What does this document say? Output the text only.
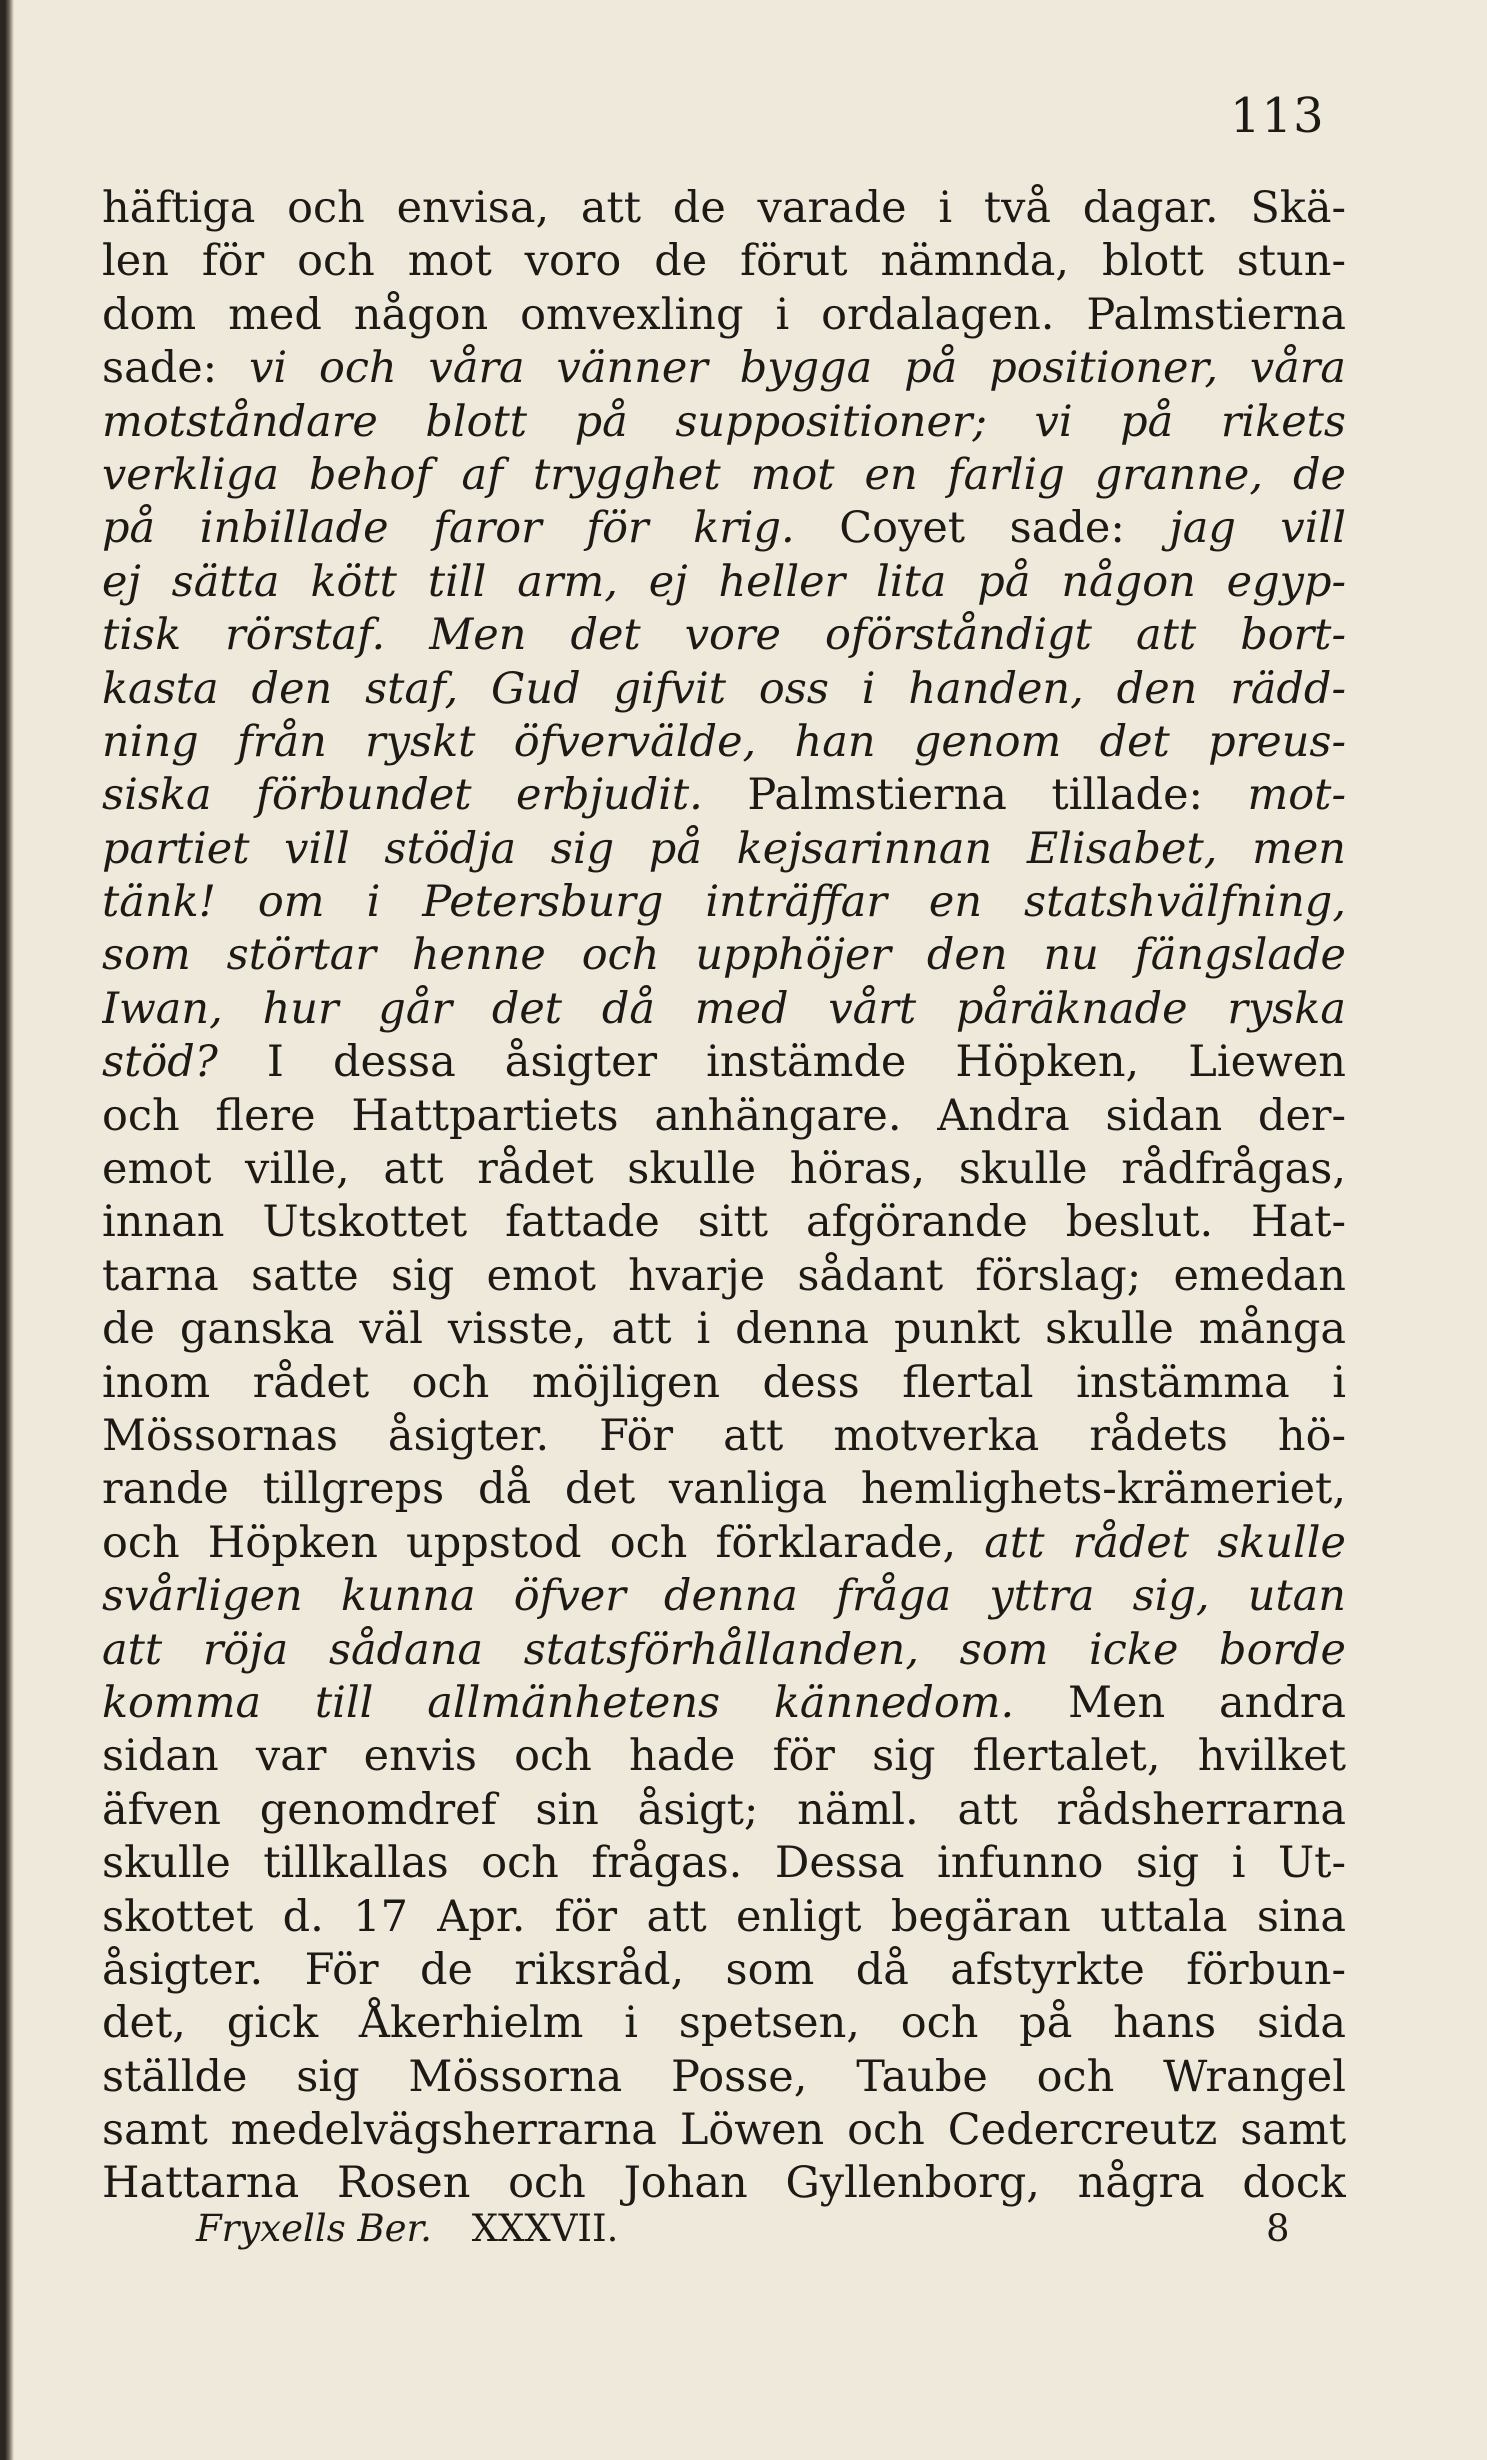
113
häftiga och envisa, att de varade i två dagar. Skä-
len för och mot voro de förut nämnda, blott stun-
dom med någon omvexling i ordalagen. Palmstierna
sade: vi och våra vänner bygga på positioner, våra
motståndare blott på suppositioner; vi på rikets
verkliga behof af trygghet mot en farlig granne, de
på inbillade faror för krig. Coyet sade: jag vill
ej sätta kött till arm, ej heller lita på någon egyp-
tisk rörstaf. Men det vore oförståndigt att bort-
kasta den staf, Gud gifvit oss i handen, den rädd-
ning från ryskt öfvervälde, han genom det preus-
siska förbundet erbjudit. Palmstierna tillade: mot-
partiet vill stödja sig på kejsarinnan Elisabet, men
tänk! om i Petersburg inträffar en statshvälfning,
som störtar henne och upphöjer den nu fängslade
Iwan, hur går det då med vårt påräknade ryska
stöd? I dessa åsigter instämde Höpken, Liewen
och flere Hattpartiets anhängare. Andra sidan der-
emot ville, att rådet skulle höras, skulle rådfrågas,
innan Utskottet fattade sitt afgörande beslut. Hat-
tarna satte sig emot hvarje sådant förslag; emedan
de ganska väl visste, att i denna punkt skulle många
inom rådet och möjligen dess flertal instämma i
Mössornas åsigter. För att motverka rådets hö-
rande tillgreps då det vanliga hemlighets-krämeriet,
och Höpken uppstod och förklarade, att rådet skulle
svårligen kunna öfver denna fråga yttra sig, utan
att röja sådana statsförhållanden, som icke borde
komma till allmänhetens kännedom. Men andra
sidan var envis och hade för sig flertalet, hvilket
äfven genomdref sin åsigt; näml. att rådsherrarna
skulle tillkallas och frågas. Dessa infunno sig i Ut-
skottet d. 17 Apr. för att enligt begäran uttala sina
åsigter. För de riksråd, som då afstyrkte förbun-
det, gick Åkerhielm i spetsen, och på hans sida
ställde sig Mössorna Posse, Taube och Wrangel
samt medelvägsherrarna Löwen och Cedercreutz samt
Hattarna Rosen och Johan Gyllenborg, några dock
Fryxells Ber. XXXVII.	8
